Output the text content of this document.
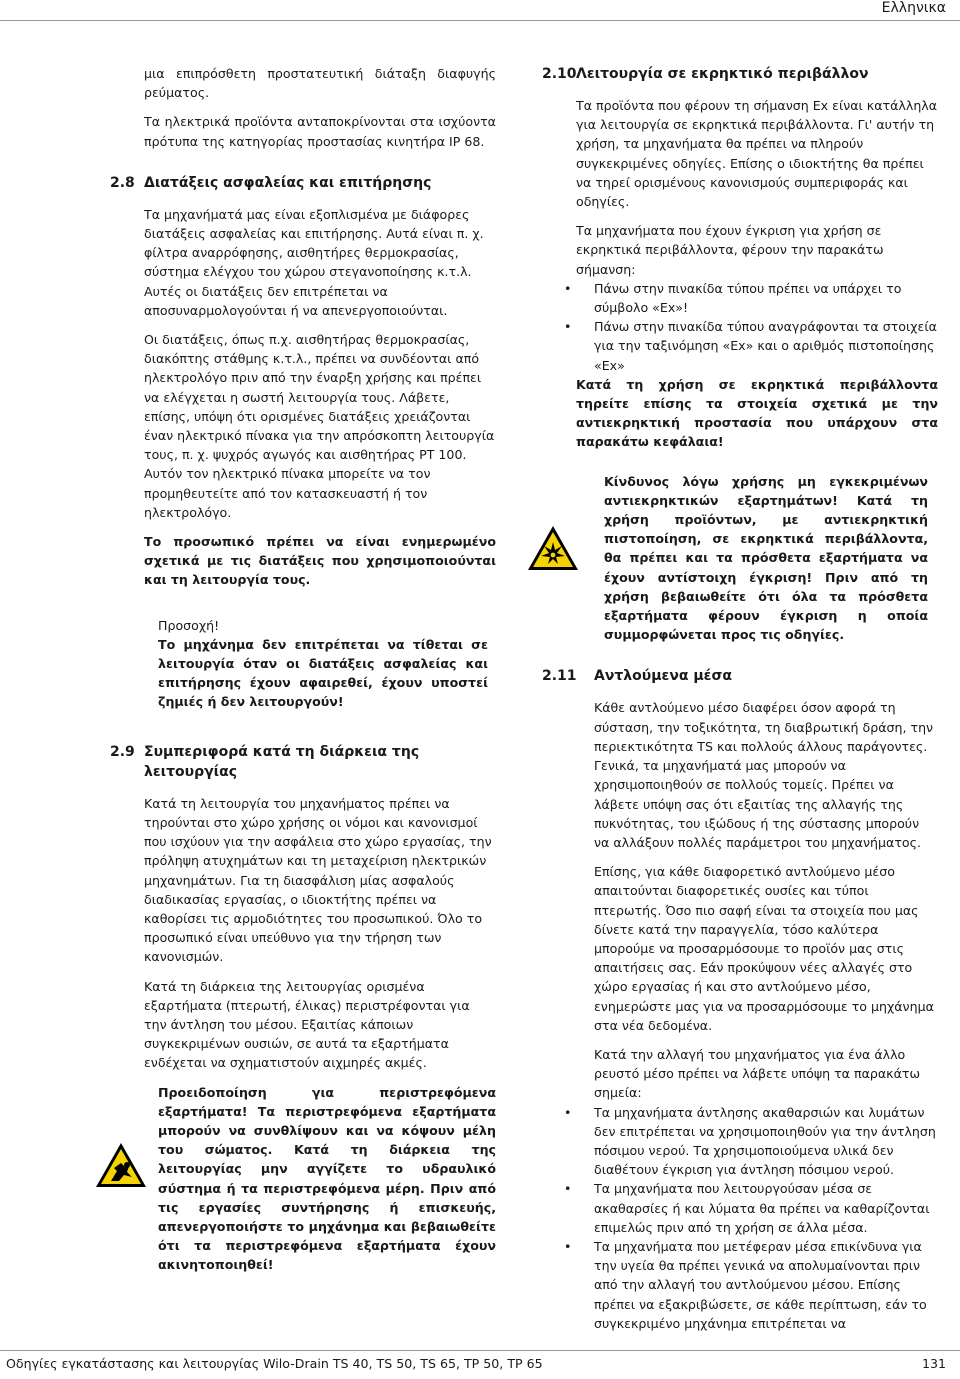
Ελληνικα
μια επιπρόσθετη προστατευτική διάταξη διαφυγής ρεύματος.
Τα ηλεκτρικά προϊόντα ανταποκρίνονται στα ισχύοντα πρότυπα της κατηγορίας προστασίας κινητήρα IP 68.
2.8 Διατάξεις ασφαλείας και επιτήρησης
Τα μηχανήματά μας είναι εξοπλισμένα με διάφορες διατάξεις ασφαλείας και επιτήρησης. Αυτά είναι π. χ. φίλτρα αναρρόφησης, αισθητήρες θερμοκρασίας, σύστημα ελέγχου του χώρου στεγανοποίησης κ.τ.λ. Αυτές οι διατάξεις δεν επιτρέπεται να αποσυναρμολογούνται ή να απενεργοποιούνται.
Οι διατάξεις, όπως π.χ. αισθητήρας θερμοκρασίας, διακόπτης στάθμης κ.τ.λ., πρέπει να συνδέονται από ηλεκτρολόγο πριν από την έναρξη χρήσης και πρέπει να ελέγχεται η σωστή λειτουργία τους. Λάβετε, επίσης, υπόψη ότι ορισμένες διατάξεις χρειάζονται έναν ηλεκτρικό πίνακα για την απρόσκοπτη λειτουργία τους, π. χ. ψυχρός αγωγός και αισθητήρας PT 100. Αυτόν τον ηλεκτρικό πίνακα μπορείτε να τον προμηθευτείτε από τον κατασκευαστή ή τον ηλεκτρολόγο.
Το προσωπικό πρέπει να είναι ενημερωμένο σχετικά με τις διατάξεις που χρησιμοποιούνται και τη λειτουργία τους.
Προσοχή!
Το μηχάνημα δεν επιτρέπεται να τίθεται σε λειτουργία όταν οι διατάξεις ασφαλείας και επιτήρησης έχουν αφαιρεθεί, έχουν υποστεί ζημιές ή δεν λειτουργούν!
2.9 Συμπεριφορά κατά τη διάρκεια της λειτουργίας
Κατά τη λειτουργία του μηχανήματος πρέπει να τηρούνται στο χώρο χρήσης οι νόμοι και κανονισμοί που ισχύουν για την ασφάλεια στο χώρο εργασίας, την πρόληψη ατυχημάτων και τη μεταχείριση ηλεκτρικών μηχανημάτων. Για τη διασφάλιση μίας ασφαλούς διαδικασίας εργασίας, ο ιδιοκτήτης πρέπει να καθορίσει τις αρμοδιότητες του προσωπικού. Όλο το προσωπικό είναι υπεύθυνο για την τήρηση των κανονισμών.
Κατά τη διάρκεια της λειτουργίας ορισμένα εξαρτήματα (πτερωτή, έλικας) περιστρέφονται για την άντληση του μέσου. Εξαιτίας κάποιων συγκεκριμένων ουσιών, σε αυτά τα εξαρτήματα ενδέχεται να σχηματιστούν αιχμηρές ακμές.
Προειδοποίηση για περιστρεφόμενα εξαρτήματα! Τα περιστρεφόμενα εξαρτήματα μπορούν να συνθλίψουν και να κόψουν μέλη του σώματος. Κατά τη διάρκεια της λειτουργίας μην αγγίζετε το υδραυλικό σύστημα ή τα περιστρεφόμενα μέρη. Πριν από τις εργασίες συντήρησης ή επισκευής, απενεργοποιήστε το μηχάνημα και βεβαιωθείτε ότι τα περιστρεφόμενα εξαρτήματα έχουν ακινητοποιηθεί!
2.10 Λειτουργία σε εκρηκτικό περιβάλλον
Τα προϊόντα που φέρουν τη σήμανση Ex είναι κατάλληλα για λειτουργία σε εκρηκτικά περιβάλλοντα. Γι' αυτήν τη χρήση, τα μηχανήματα θα πρέπει να πληρούν συγκεκριμένες οδηγίες. Επίσης ο ιδιοκτήτης θα πρέπει να τηρεί ορισμένους κανονισμούς συμπεριφοράς και οδηγίες.
Τα μηχανήματα που έχουν έγκριση για χρήση σε εκρηκτικά περιβάλλοντα, φέρουν την παρακάτω σήμανση:
• Πάνω στην πινακίδα τύπου πρέπει να υπάρχει το σύμβολο «Ex»!
• Πάνω στην πινακίδα τύπου αναγράφονται τα στοιχεία για την ταξινόμηση «Ex» και ο αριθμός πιστοποίησης «Ex»
Κατά τη χρήση σε εκρηκτικά περιβάλλοντα τηρείτε επίσης τα στοιχεία σχετικά με την αντιεκρηκτική προστασία που υπάρχουν στα παρακάτω κεφάλαια!
Κίνδυνος λόγω χρήσης μη εγκεκριμένων αντιεκρηκτικών εξαρτημάτων! Κατά τη χρήση προϊόντων, με αντιεκρηκτική πιστοποίηση, σε εκρηκτικά περιβάλλοντα, θα πρέπει και τα πρόσθετα εξαρτήματα να έχουν αντίστοιχη έγκριση! Πριν από τη χρήση βεβαιωθείτε ότι όλα τα πρόσθετα εξαρτήματα φέρουν έγκριση η οποία συμμορφώνεται προς τις οδηγίες.
2.11 Αντλούμενα μέσα
Κάθε αντλούμενο μέσο διαφέρει όσον αφορά τη σύσταση, την τοξικότητα, τη διαβρωτική δράση, την περιεκτικότητα TS και πολλούς άλλους παράγοντες. Γενικά, τα μηχανήματά μας μπορούν να χρησιμοποιηθούν σε πολλούς τομείς. Πρέπει να λάβετε υπόψη σας ότι εξαιτίας της αλλαγής της πυκνότητας, του ιξώδους ή της σύστασης μπορούν να αλλάξουν πολλές παράμετροι του μηχανήματος.
Επίσης, για κάθε διαφορετικό αντλούμενο μέσο απαιτούνται διαφορετικές ουσίες και τύποι πτερωτής. Όσο πιο σαφή είναι τα στοιχεία που μας δίνετε κατά την παραγγελία, τόσο καλύτερα μπορούμε να προσαρμόσουμε το προϊόν μας στις απαιτήσεις σας. Εάν προκύψουν νέες αλλαγές στο χώρο εργασίας ή και στο αντλούμενο μέσο, ενημερώστε μας για να προσαρμόσουμε το μηχάνημα στα νέα δεδομένα.
Κατά την αλλαγή του μηχανήματος για ένα άλλο ρευστό μέσο πρέπει να λάβετε υπόψη τα παρακάτω σημεία:
• Τα μηχανήματα άντλησης ακαθαρσιών και λυμάτων δεν επιτρέπεται να χρησιμοποιηθούν για την άντληση πόσιμου νερού. Τα χρησιμοποιούμενα υλικά δεν διαθέτουν έγκριση για άντληση πόσιμου νερού.
• Τα μηχανήματα που λειτουργούσαν μέσα σε ακαθαρσίες ή και λύματα θα πρέπει να καθαρίζονται επιμελώς πριν από τη χρήση σε άλλα μέσα.
• Τα μηχανήματα που μετέφεραν μέσα επικίνδυνα για την υγεία θα πρέπει γενικά να απολυμαίνονται πριν από την αλλαγή του αντλούμενου μέσου. Επίσης πρέπει να εξακριβώσετε, σε κάθε περίπτωση, εάν το συγκεκριμένο μηχάνημα επιτρέπεται να
Οδηγίες εγκατάστασης και λειτουργίας Wilo-Drain TS 40, TS 50, TS 65, TP 50, TP 65	131
